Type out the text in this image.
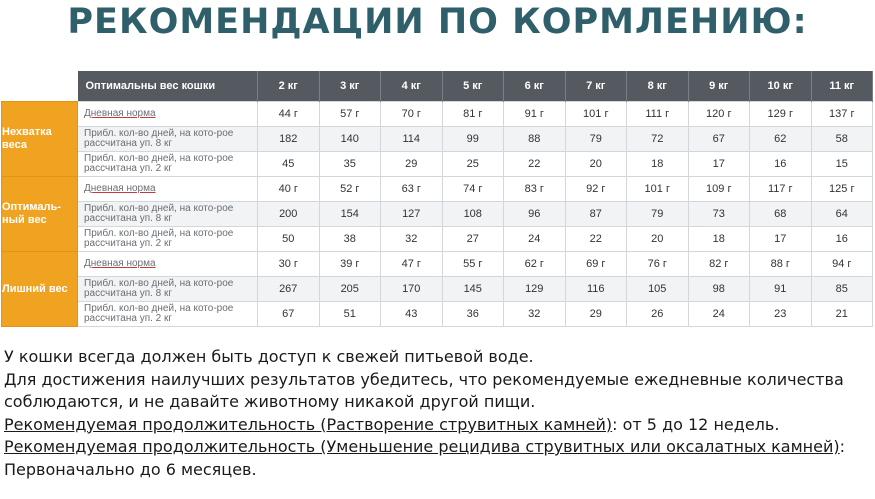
РЕКОМЕНДАЦИИ ПО КОРМЛЕНИЮ:
	Оптимальны вес кошки	2 кг	3 кг	4 кг	5 кг	6 кг	7 кг	8 кг	9 кг	10 кг	11 кг

Нехватка веса	Дневная норма	44 г	57 г	70 г	81 г	91 г	101 г	111 г	120 г	129 г	137 г
	Прибл. кол-во дней, на кото-рое рассчитана уп. 8 кг	182	140	114	99	88	79	72	67	62	58
	Прибл. кол-во дней, на кото-рое рассчитана уп. 2 кг	45	35	29	25	22	20	18	17	16	15

Оптималь-ный вес	Дневная норма	40 г	52 г	63 г	74 г	83 г	92 г	101 г	109 г	117 г	125 г
	Прибл. кол-во дней, на кото-рое рассчитана уп. 8 кг	200	154	127	108	96	87	79	73	68	64
	Прибл. кол-во дней, на кото-рое рассчитана уп. 2 кг	50	38	32	27	24	22	20	18	17	16

Лишний вес	Дневная норма	30 г	39 г	47 г	55 г	62 г	69 г	76 г	82 г	88 г	94 г
	Прибл. кол-во дней, на кото-рое рассчитана уп. 8 кг	267	205	170	145	129	116	105	98	91	85
	Прибл. кол-во дней, на кото-рое рассчитана уп. 2 кг	67	51	43	36	32	29	26	24	23	21

У кошки всегда должен быть доступ к свежей питьевой воде.

Для достижения наилучших результатов убедитесь, что рекомендуемые ежедневные количества соблюдаются, и не давайте животному никакой другой пищи.

Рекомендуемая продолжительность (Растворение струвитных камней): от 5 до 12 недель.

Рекомендуемая продолжительность (Уменьшение рецидива струвитных или оксалатных камней): Первоначально до 6 месяцев.
